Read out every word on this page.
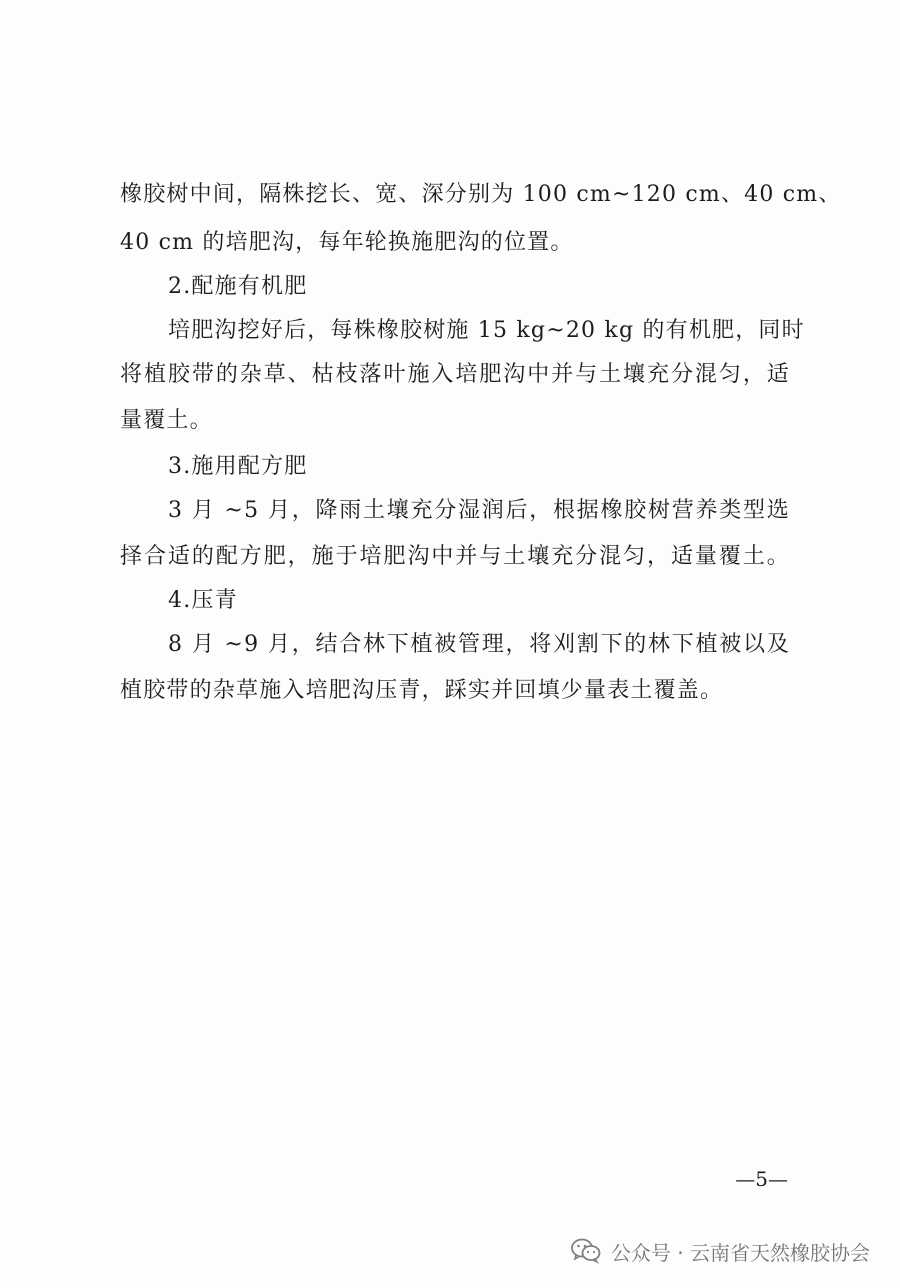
橡胶树中间，隔株挖长、宽、深分别为 100 cm~120 cm、40 cm、
40 cm 的培肥沟，每年轮换施肥沟的位置。
2.配施有机肥
培肥沟挖好后，每株橡胶树施 15 kg~20 kg 的有机肥，同时
将植胶带的杂草、枯枝落叶施入培肥沟中并与土壤充分混匀，适
量覆土。
3.施用配方肥
3 月 ~5 月，降雨土壤充分湿润后，根据橡胶树营养类型选
择合适的配方肥，施于培肥沟中并与土壤充分混匀，适量覆土。
4.压青
8 月 ~9 月，结合林下植被管理，将刈割下的林下植被以及
植胶带的杂草施入培肥沟压青，踩实并回填少量表土覆盖。
—5—
公众号 · 云南省天然橡胶协会
